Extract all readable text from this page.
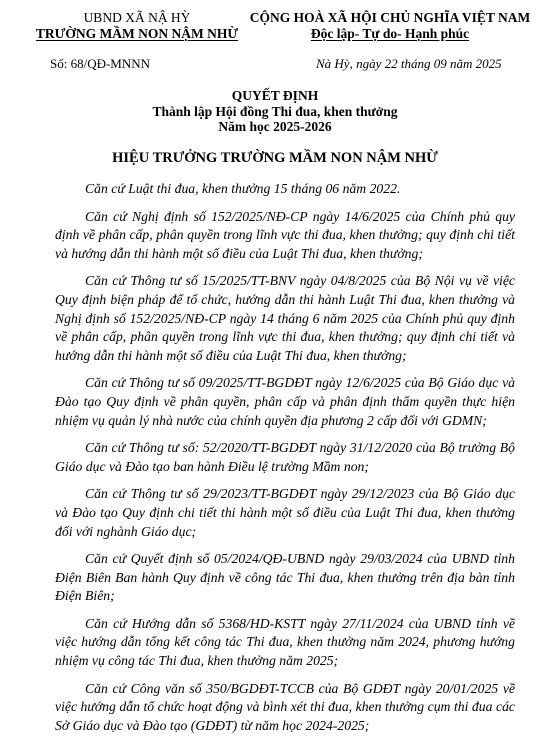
UBND XÃ NẬ HỲ
TRƯỜNG MẦM NON NẬM NHỪ
CỘNG HOÀ XÃ HỘI CHỦ NGHĨA VIỆT NAM
Độc lập- Tự do- Hạnh phúc
Số: 68/QĐ-MNNN	Nà Hỳ, ngày 22 tháng 09 năm 2025
QUYẾT ĐỊNH
Thành lập Hội đồng Thi đua, khen thưởng
Năm học 2025-2026
HIỆU TRƯỞNG TRƯỜNG MẦM NON NẬM NHỪ

Căn cứ Luật thi đua, khen thưởng 15 tháng 06 năm 2022.

Căn cứ Nghị định số 152/2025/NĐ-CP ngày 14/6/2025 của Chính phủ quy định về phân cấp, phân quyền trong lĩnh vực thi đua, khen thưởng; quy định chi tiết và hướng dẫn thi hành một số điều của Luật Thi đua, khen thưởng;

Căn cứ Thông tư số 15/2025/TT-BNV ngày 04/8/2025 của Bộ Nội vụ về việc Quy định biện pháp để tổ chức, hướng dẫn thi hành Luật Thi đua, khen thưởng và Nghị định số 152/2025/NĐ-CP ngày 14 tháng 6 năm 2025 của Chính phủ quy định về phân cấp, phân quyền trong lĩnh vực thi đua, khen thưởng; quy định chi tiết và hướng dẫn thi hành một số điều của Luật Thi đua, khen thưởng;

Căn cứ Thông tư số 09/2025/TT-BGDĐT ngày 12/6/2025 của Bộ Giáo dục và Đào tạo Quy định về phân quyền, phân cấp và phân định thẩm quyền thực hiện nhiệm vụ quản lý nhà nước của chính quyền địa phương 2 cấp đối với GDMN;

Căn cứ Thông tư số: 52/2020/TT-BGDĐT ngày 31/12/2020 của Bộ trưởng Bộ Giáo dục và Đào tạo ban hành Điều lệ trường Mầm non;

Căn cứ Thông tư số 29/2023/TT-BGDĐT ngày 29/12/2023 của Bộ Giáo dục và Đào tạo Quy định chi tiết thi hành một số điều của Luật Thi đua, khen thưởng đối với nghành Giáo dục;

Căn cứ Quyết định số 05/2024/QĐ-UBND ngày 29/03/2024 của UBND tỉnh Điện Biên Ban hành Quy định về công tác Thi đua, khen thưởng trên địa bàn tỉnh Điện Biên;

Căn cứ Hướng dẫn số 5368/HD-KSTT ngày 27/11/2024 của UBND tỉnh về việc hướng dẫn tổng kết công tác Thi đua, khen thưởng năm 2024, phương hướng nhiệm vụ công tác Thi đua, khen thưởng năm 2025;

Căn cứ Công văn số 350/BGDĐT-TCCB của Bộ GDĐT ngày 20/01/2025 về việc hướng dẫn tổ chức hoạt động và bình xét thi đua, khen thưởng cụm thi đua các Sở Giáo dục và Đào tạo (GDĐT) từ năm học 2024-2025;
